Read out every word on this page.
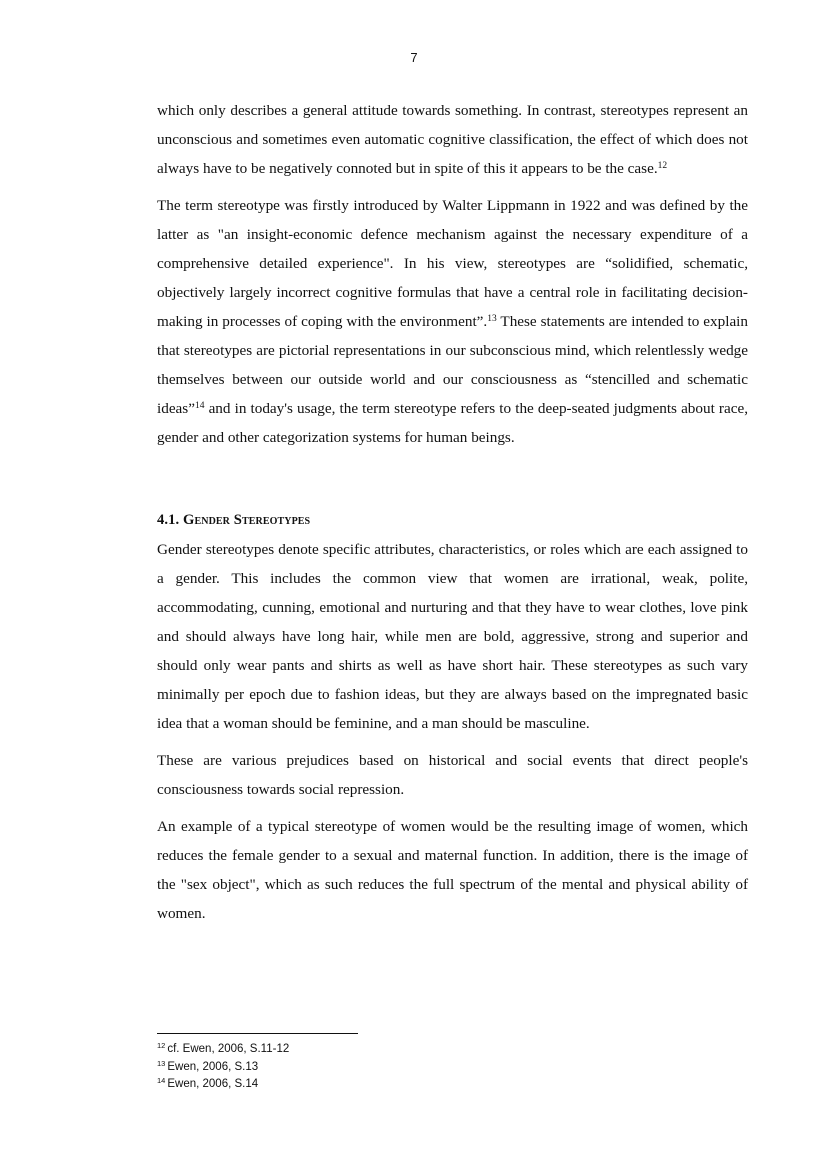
7

which only describes a general attitude towards something. In contrast, stereotypes represent an unconscious and sometimes even automatic cognitive classification, the effect of which does not always have to be negatively connoted but in spite of this it appears to be the case.$^{12}$

The term stereotype was firstly introduced by Walter Lippmann in 1922 and was defined by the latter as "an insight-economic defence mechanism against the necessary expenditure of a comprehensive detailed experience". In his view, stereotypes are “solidified, schematic, objectively largely incorrect cognitive formulas that have a central role in facilitating decision-making in processes of coping with the environment”.$^{13}$ These statements are intended to explain that stereotypes are pictorial representations in our subconscious mind, which relentlessly wedge themselves between our outside world and our consciousness as “stencilled and schematic ideas”$^{14}$ and in today's usage, the term stereotype refers to the deep-seated judgments about race, gender and other categorization systems for human beings.

4.1. Gender Stereotypes

Gender stereotypes denote specific attributes, characteristics, or roles which are each assigned to a gender. This includes the common view that women are irrational, weak, polite, accommodating, cunning, emotional and nurturing and that they have to wear clothes, love pink and should always have long hair, while men are bold, aggressive, strong and superior and should only wear pants and shirts as well as have short hair. These stereotypes as such vary minimally per epoch due to fashion ideas, but they are always based on the impregnated basic idea that a woman should be feminine, and a man should be masculine.

These are various prejudices based on historical and social events that direct people's consciousness towards social repression.

An example of a typical stereotype of women would be the resulting image of women, which reduces the female gender to a sexual and maternal function. In addition, there is the image of the "sex object", which as such reduces the full spectrum of the mental and physical ability of women.

$^{12}$ cf. Ewen, 2006, S.11-12
$^{13}$ Ewen, 2006, S.13
$^{14}$ Ewen, 2006, S.14
